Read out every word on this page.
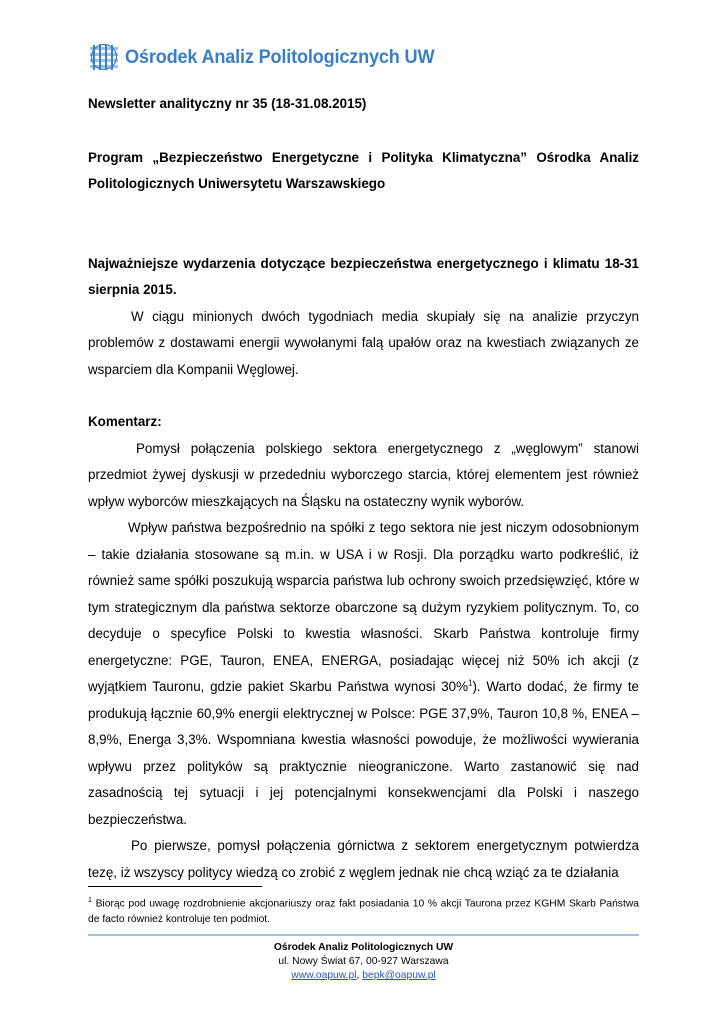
Ośrodek Analiz Politologicznych UW

Newsletter analityczny nr 35 (18-31.08.2015)

Program „Bezpieczeństwo Energetyczne i Polityka Klimatyczna” Ośrodka Analiz Politologicznych Uniwersytetu Warszawskiego

Najważniejsze wydarzenia dotyczące bezpieczeństwa energetycznego i klimatu 18-31 sierpnia 2015.

W ciągu minionych dwóch tygodniach media skupiały się na analizie przyczyn problemów z dostawami energii wywołanymi falą upałów oraz na kwestiach związanych ze wsparciem dla Kompanii Węglowej.

Komentarz:

Pomysł połączenia polskiego sektora energetycznego z „węglowym” stanowi przedmiot żywej dyskusji w przededniu wyborczego starcia, której elementem jest również wpływ wyborców mieszkających na Śląsku na ostateczny wynik wyborów.

Wpływ państwa bezpośrednio na spółki z tego sektora nie jest niczym odosobnionym – takie działania stosowane są m.in. w USA i w Rosji. Dla porządku warto podkreślić, iż również same spółki poszukują wsparcia państwa lub ochrony swoich przedsięwzięć, które w tym strategicznym dla państwa sektorze obarczone są dużym ryzykiem politycznym. To, co decyduje o specyfice Polski to kwestia własności. Skarb Państwa kontroluje firmy energetyczne: PGE, Tauron, ENEA, ENERGA, posiadając więcej niż 50% ich akcji (z wyjątkiem Tauronu, gdzie pakiet Skarbu Państwa wynosi 30%$^1$). Warto dodać, że firmy te produkują łącznie 60,9% energii elektrycznej w Polsce: PGE 37,9%, Tauron 10,8 %, ENEA – 8,9%, Energa 3,3%. Wspomniana kwestia własności powoduje, że możliwości wywierania wpływu przez polityków są praktycznie nieograniczone. Warto zastanowić się nad zasadnością tej sytuacji i jej potencjalnymi konsekwencjami dla Polski i naszego bezpieczeństwa.

Po pierwsze, pomysł połączenia górnictwa z sektorem energetycznym potwierdza tezę, iż wszyscy politycy wiedzą co zrobić z węglem jednak nie chcą wziąć za te działania

$^1$ Biorąc pod uwagę rozdrobnienie akcjonariuszy oraz fakt posiadania 10 % akcji Taurona przez KGHM Skarb Państwa de facto również kontroluje ten podmiot.
Ośrodek Analiz Politologicznych UW
ul. Nowy Świat 67, 00-927 Warszawa
www.oapuw.pl, bepk@oapuw.pl
